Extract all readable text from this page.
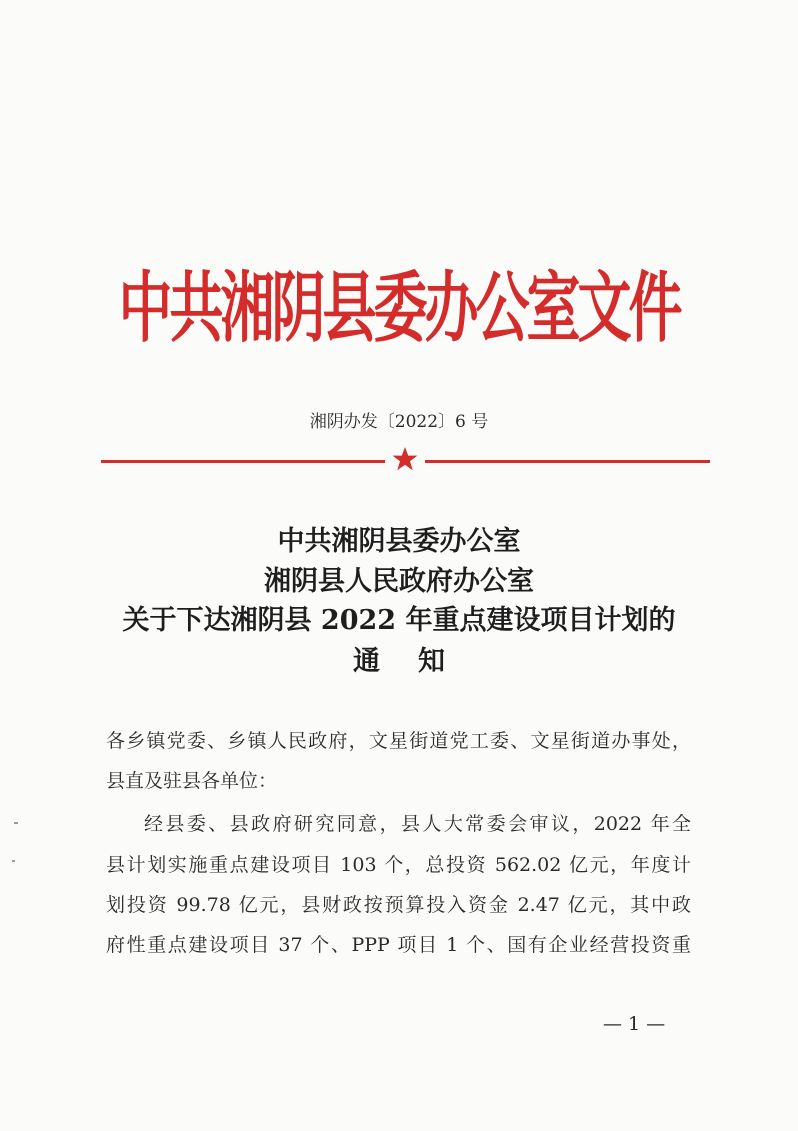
中共湘阴县委办公室文件
湘阴办发〔2022〕6 号
中共湘阴县委办公室
湘阴县人民政府办公室
关于下达湘阴县 2022 年重点建设项目计划的
通知
各乡镇党委、乡镇人民政府，文星街道党工委、文星街道办事处，
县直及驻县各单位：
经县委、县政府研究同意，县人大常委会审议，2022 年全
县计划实施重点建设项目 103 个，总投资 562.02 亿元，年度计
划投资 99.78 亿元，县财政按预算投入资金 2.47 亿元，其中政
府性重点建设项目 37 个、PPP 项目 1 个、国有企业经营投资重
— 1 —
